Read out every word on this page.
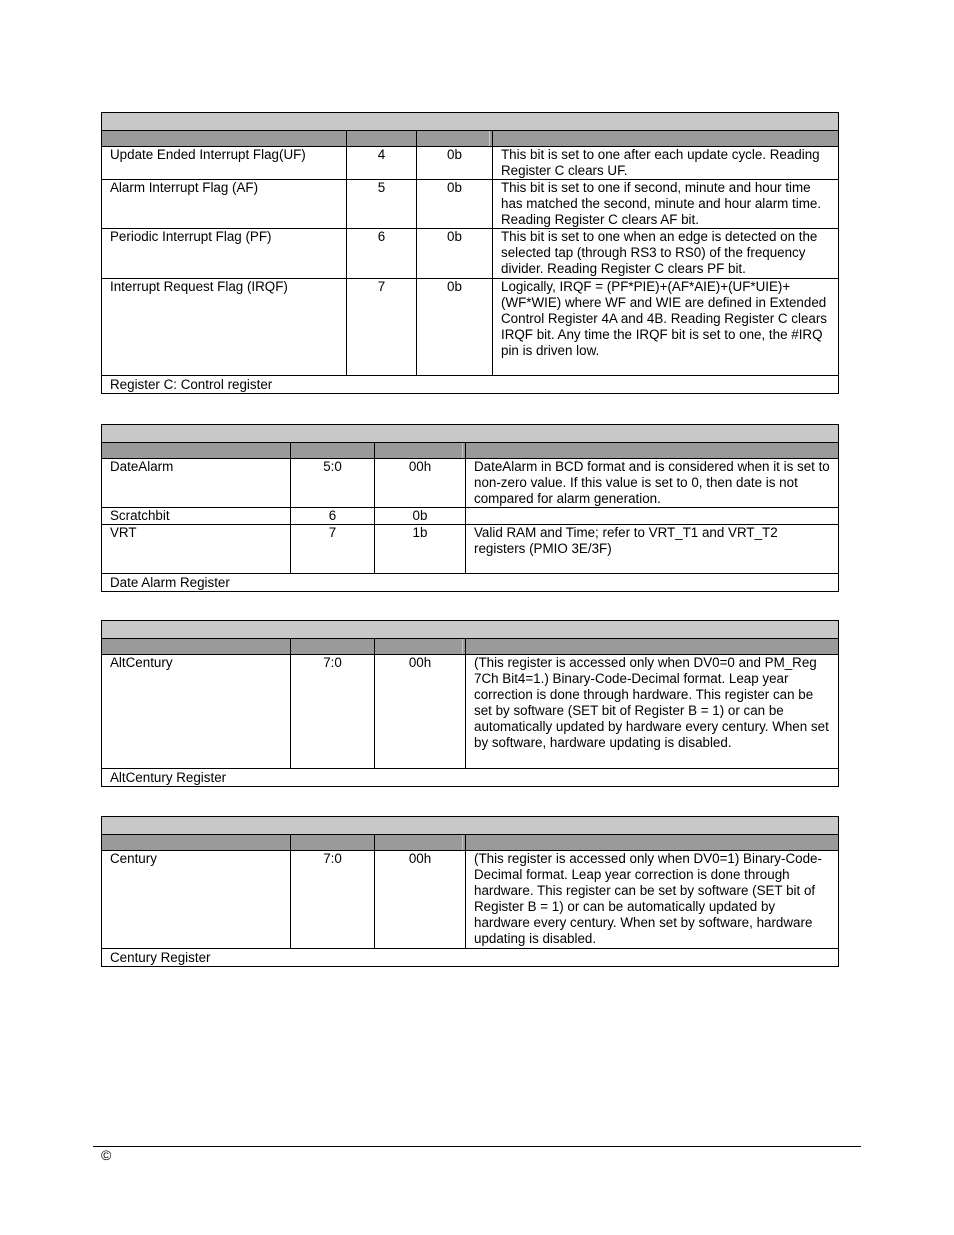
Update Ended Interrupt Flag(UF)	4	0b	This bit is set to one after each update cycle. Reading Register C clears UF.
Alarm Interrupt Flag (AF)	5	0b	This bit is set to one if second, minute and hour time has matched the second, minute and hour alarm time. Reading Register C clears AF bit.
Periodic Interrupt Flag (PF)	6	0b	This bit is set to one when an edge is detected on the selected tap (through RS3 to RS0) of the frequency divider. Reading Register C clears PF bit.
Interrupt Request Flag (IRQF)	7	0b	Logically, IRQF = (PF*PIE)+(AF*AIE)+(UF*UIE)+(WF*WIE) where WF and WIE are defined in Extended Control Register 4A and 4B. Reading Register C clears IRQF bit. Any time the IRQF bit is set to one, the #IRQ pin is driven low.
Register C: Control register			

DateAlarm	5:0	00h	DateAlarm in BCD format and is considered when it is set to non-zero value. If this value is set to 0, then date is not compared for alarm generation.
Scratchbit	6	0b	
VRT	7	1b	Valid RAM and Time; refer to VRT_T1 and VRT_T2 registers (PMIO 3E/3F)
Date Alarm Register			

AltCentury	7:0	00h	(This register is accessed only when DV0=0 and PM_Reg 7Ch Bit4=1.) Binary-Code-Decimal format. Leap year correction is done through hardware. This register can be set by software (SET bit of Register B = 1) or can be automatically updated by hardware every century. When set by software, hardware updating is disabled.
AltCentury Register			

Century	7:0	00h	(This register is accessed only when DV0=1) Binary-Code-Decimal format. Leap year correction is done through hardware. This register can be set by software (SET bit of Register B = 1) or can be automatically updated by hardware every century. When set by software, hardware updating is disabled.
Century Register			
©
